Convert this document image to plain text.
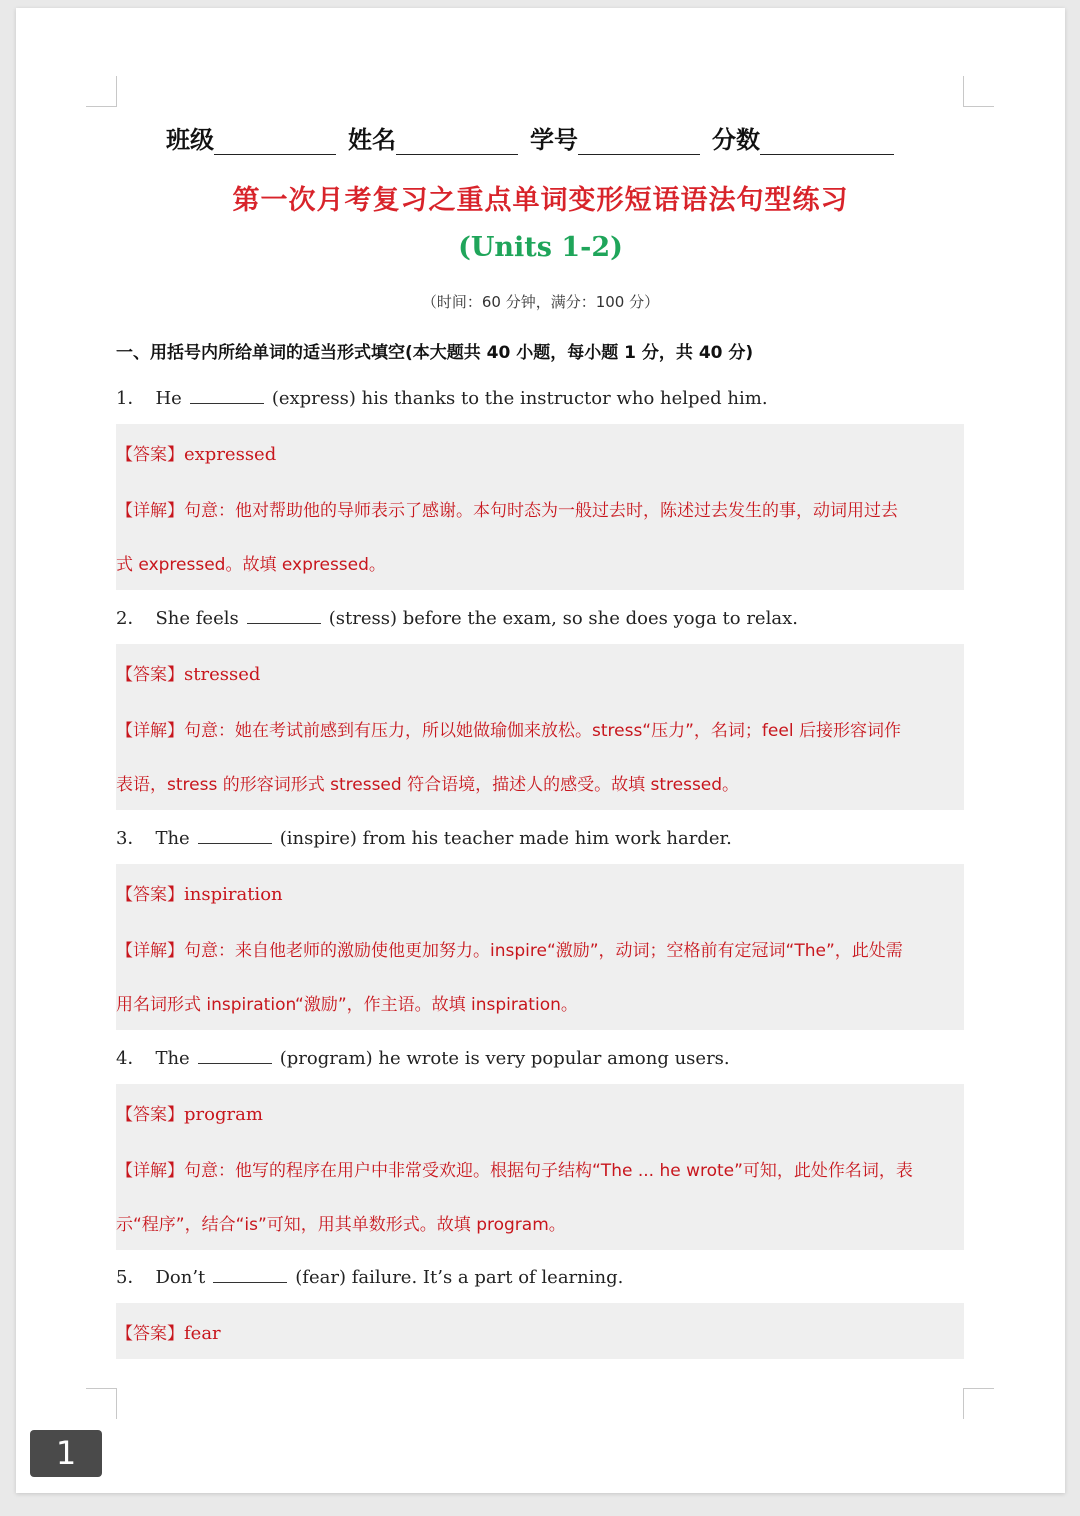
班级	姓名	学号	分数
第一次月考复习之重点单词变形短语语法句型练习
(Units 1-2)
（时间：60 分钟，满分：100 分）
一、用括号内所给单词的适当形式填空(本大题共 40 小题，每小题 1 分，共 40 分)
1． He	(express) his thanks to the instructor who helped him.
【答案】expressed
【详解】句意：他对帮助他的导师表示了感谢。本句时态为一般过去时，陈述过去发生的事，动词用过去
式 expressed。故填 expressed。
2． She feels	(stress) before the exam, so she does yoga to relax.
【答案】stressed
【详解】句意：她在考试前感到有压力，所以她做瑜伽来放松。stress“压力”，名词；feel 后接形容词作
表语，stress 的形容词形式 stressed 符合语境，描述人的感受。故填 stressed。
3． The	(inspire) from his teacher made him work harder.
【答案】inspiration
【详解】句意：来自他老师的激励使他更加努力。inspire“激励”，动词；空格前有定冠词“The”，此处需
用名词形式 inspiration“激励”，作主语。故填 inspiration。
4． The	(program) he wrote is very popular among users.
【答案】program
【详解】句意：他写的程序在用户中非常受欢迎。根据句子结构“The ... he wrote”可知，此处作名词，表
示“程序”，结合“is”可知，用其单数形式。故填 program。
5． Don’t	(fear) failure. It’s a part of learning.
【答案】fear
1
